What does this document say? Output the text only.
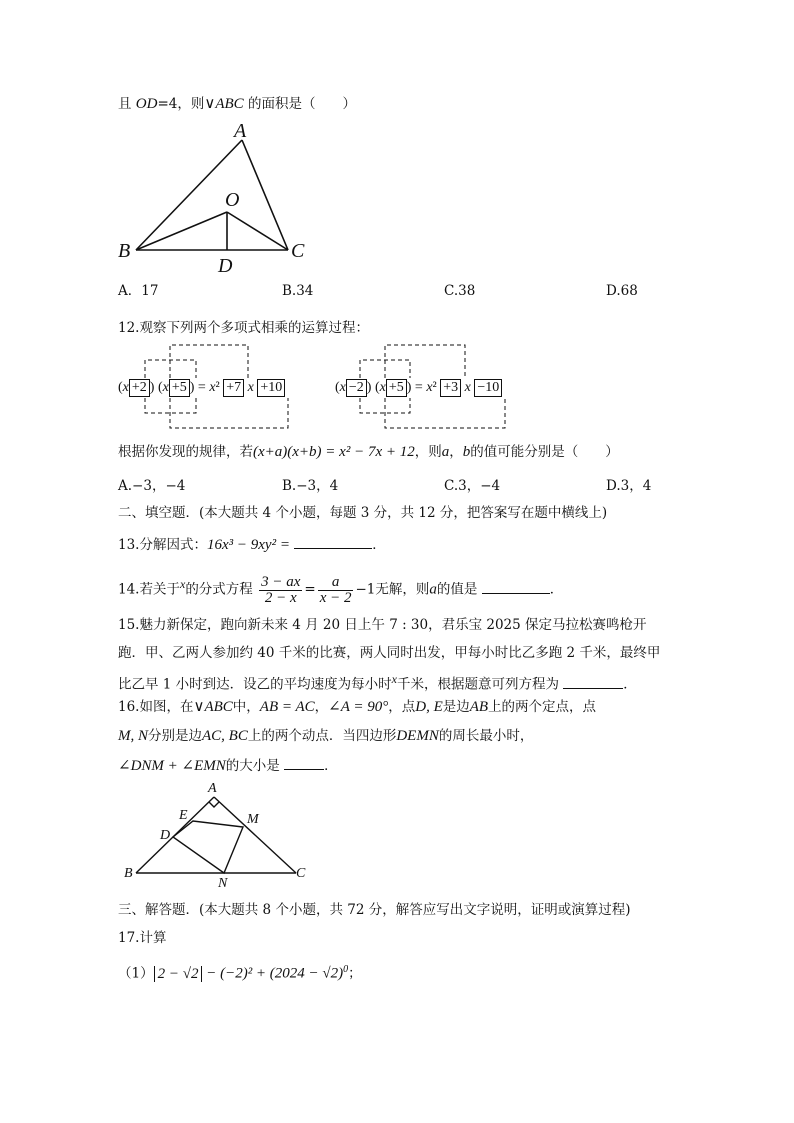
且 OD=4，则∨ABC 的面积是（　　）
A
O
B	C
D
A．17	B.34	C.38	D.68
12.观察下列两个多项式相乘的运算过程：
(x +2 ) (x +5 ) = x² +7 x +10	(x −2 ) (x +5 ) = x² +3 x −10
根据你发现的规律，若(x+a)(x+b) = x² − 7x + 12，则a，b的值可能分别是（　　）
A.−3，−4	B.−3，4	C.3，−4	D.3，4
二、填空题．(本大题共 4 个小题，每题 3 分，共 12 分，把答案写在题中横线上)
13.分解因式：16x³ − 9xy² =	．
14.若关于x的分式方程 $\frac{3 - ax}{2 - x} = \frac{a}{x - 2} -1$无解，则a的值是	．
15.魅力新保定，跑向新未来 4 月 20 日上午 7 : 30，君乐宝 2025 保定马拉松赛鸣枪开
跑．甲、乙两人参加约 40 千米的比赛，两人同时出发，甲每小时比乙多跑 2 千米，最终甲
比乙早 1 小时到达．设乙的平均速度为每小时x千米，根据题意可列方程为	．
16.如图，在∨ABC中，AB = AC，∠A = 90°，点D, E是边AB上的两个定点，点
M, N分别是边AC, BC上的两个动点．当四边形DEMN的周长最小时，
∠DNM + ∠EMN的大小是	．
A
E	M
D
B
N
C
三、解答题．(本大题共 8 个小题，共 72 分，解答应写出文字说明，证明或演算过程)
17.计算
（1） $2 - √2 - (-2)^2 + (2024 - √2)^0$；
